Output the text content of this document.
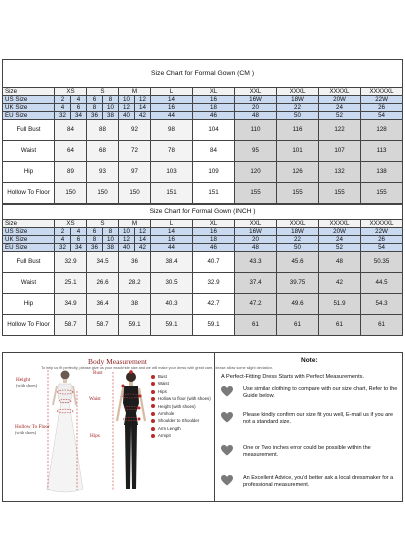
Size Chart for Formal Gown (CM )												
Size	XS		S		M		L	XL	XXL	XXXL	XXXXL	XXXXXL
US Size	2	4	6	8	10	12	14	16	16W	18W	20W	22W
UK Size	4	6	8	10	12	14	16	18	20	22	24	26
EU Size	32	34	36	38	40	42	44	46	48	50	52	54
Full Bust	84		88		92		98	104	110	116	122	128
Waist	64		68		72		78	84	95	101	107	113
Hip	89		93		97		103	109	120	126	132	138
Hollow To Floor	150		150		150		151	151	155	155	155	155
Size Chart for Formal Gown (INCH )												
Size	XS		S		M		L	XL	XXL	XXXL	XXXXL	XXXXXL
US Size	2	4	6	8	10	12	14	16	16W	18W	20W	22W
UK Size	4	6	8	10	12	14	16	18	20	22	24	26
EU Size	32	34	36	38	40	42	44	46	48	50	52	54
Full Bust	32.9		34.5		36		38.4	40.7	43.3	45.6	48	50.35
Waist	25.1		26.6		28.2		30.5	32.9	37.4	39.75	42	44.5
Hip	34.9		36.4		38		40.3	42.7	47.2	49.6	51.9	54.3
Hollow To Floor	58.7		58.7		59.1		59.1	59.1	61	61	61	61
Body Measurement
To help us fit perfectly, please give us your exact/ride size and we will make your dress with great care, please allow some slight deviation.
Height
(with shoes)
Bust
Waist
Hollow To Floor
(with shoes)
Hips
Bust
Waist
Hips
Hollow to floor (with shoes)
Height (with shoes)
Armhole
Shoulder to Shoulder
Arm Length
Armpit
Note:
A Perfect-Fitting Dress Starts with Perfect Measurements.
Use similar clothing to compare with our size chart, Refer to the Guide below.
Please kindly confirm our size fit you well, E-mail us if you are not a standard size.
One or Two inches error could be possible within the measurement.
An Excellent Advice, you'd better ask a local dressmaker for a professional measurement.
